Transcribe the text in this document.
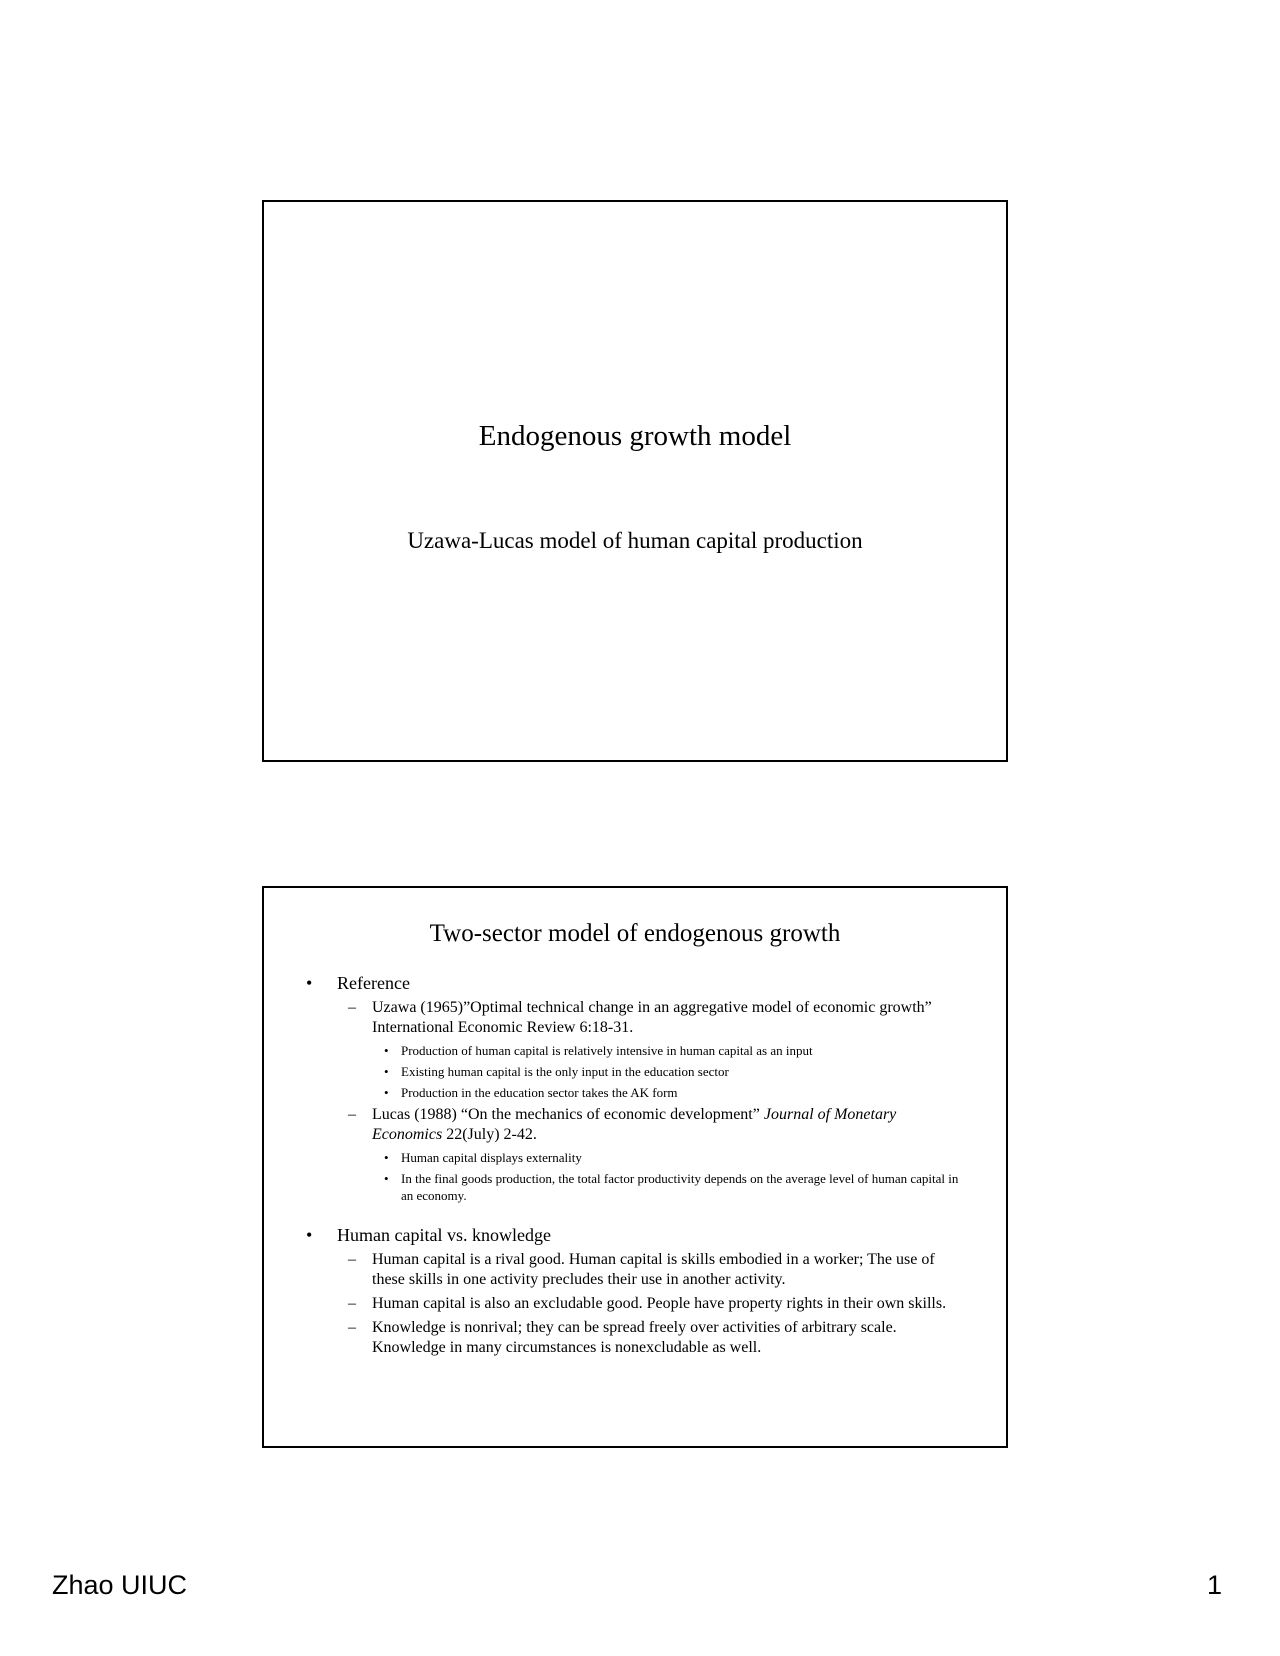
Endogenous growth model
Uzawa-Lucas model of human capital production
Two-sector model of endogenous growth
• Reference
– Uzawa (1965)”Optimal technical change in an aggregative model of economic growth” International Economic Review 6:18-31.
• Production of human capital is relatively intensive in human capital as an input
• Existing human capital is the only input in the education sector
• Production in the education sector takes the AK form
– Lucas (1988) “On the mechanics of economic development” Journal of Monetary Economics 22(July) 2-42.
• Human capital displays externality
• In the final goods production, the total factor productivity depends on the average level of human capital in an economy.
• Human capital vs. knowledge
– Human capital is a rival good. Human capital is skills embodied in a worker; The use of these skills in one activity precludes their use in another activity.
– Human capital is also an excludable good. People have property rights in their own skills.
– Knowledge is nonrival; they can be spread freely over activities of arbitrary scale. Knowledge in many circumstances is nonexcludable as well.
Zhao UIUC	1
